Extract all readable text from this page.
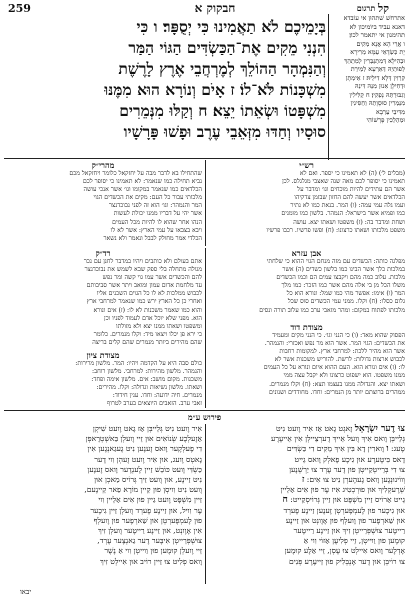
259	חבקוק א	קל
תרגום
בְּיָמֵיכֶם לֹא תַאֲמִינוּ כִּי יְסֻפָּר׃ ו כִּי
הִנְנִי מֵקִים אֶת־הַכַּשְׂדִּים הַגּוֹי הַמַּר
וְהַנִּמְהָר הַהוֹלֵךְ לְמֶרְחֲבֵי אֶרֶץ לָרֶשֶׁת
מִשְׁכָּנוֹת לֹּא־לוֹ׃ ז אָיֹם וְנוֹרָא הוּא מִמֶּנּוּ
מִשְׁפָּטוֹ וּשְׂאֵתוֹ יֵצֵא׃ ח וְקַלּוּ מִנְּמֵרִים
סוּסָיו וְחַדּוּ מִזְּאֵבֵי עֶרֶב וּפָשׁוּ פָּרָשָׁיו
אתרחשׁ שׁתהוּן אי עוֹבדא
דאנא עביד ביוֹמיכון לא
תהימנון אי יתאמר לכון׃
ו אֲרֵי הָא אֲנָא מְקִים
יָת כַּשְׂדָאֵי עַמָּא מְרִירָא
וּבְהִילָא דְּמִתְגַּבְּרִין לְמִתְהַךְ
לְפוּתְיֵהּ דְּאַרְעָא לְמֵירַת
קִרְוִין דְּלָא דִילֵיהּ׃ ז אֵימְתָן
וּדְחִילָן אִנוּן מִנֵּהּ דִּינֵהּ
וְגִבּוּרְתֵּהּ נָפְקִין׃ ח קַלִּילִין
מִנְּמְרִין סוּסָוָתֵהּ וְחַסִּינִין
מִדִּיבֵי עַרְבָא
וּמְהַלְכִין פָּרָשׁוֹהִי
רש״י
(מבלים ל׳) (ה) לא תאמינו כי יספר. ואם לא
תאמינו כי יסופר לכם מאה שנה שאצבי מגלגלס. לכן
אשר הם עתידים להיות מוכחים וגו׳ ומדבר על
הכלדאים אשר יעשה להם החזון שבזמן צדקיהו
ועמו גלה עמי עמה: (ו) המר. בנאת כמו לא נתיר
כמו ופמיא אשר בישראל: הנמהר. בלשון כמו מומנים
ושחת ומדבר בה: (ז) משפטו ושאתו יצא. עושה
משפט מלכותו ושאתו כרצונו: (ח) ופשו פרשיו. רכבו פרשיו
מהרי״ק
שהתחילו בא לדבר מבה על יחזקאל כלומר ויחזקאל מכם
נביא תחילה כמו שנאמר: לא תאמינו כי יסופר לכם
הכלדאים כמו שנאמר במקומו וגו׳ אשר אנכי עושה
מלכותי עבור כל העם: מקים את הכשדים הגוי
המר והנמהר: וגו׳ הוא זה לפני נבוכדנצר
אשר יהי על דבריו ממנו יכולת לעשות
הנהו אחר שהוא לו להיות מכל העמים
ויבא בצבאו על עמי הארץ: אשר לא לו
הכלדי אמר מחולק לבבל ונאמר ולא נשאר
אבן עזרא
מפלגה כותה: הכשדים עם מזה מנחם הגוי ההוא כי שלחתי
במלכות כלך אשר הבינו כמו בלשון כשדים (ה) אשר
מלכות. עלוב כמה מהם ויקבצו עמים הם וכמו הכשדים
משלו הכל מן בי אלה מהם אשר כמו הזכר: כמו מלך
המר (ו) אימו: אפשר מהי כמו שמל: ונורא הוא כל
גלום כסלו: (ח) וקלו. ממני עמי הכשדים סוס שכל
מלכותו לפתוח במקום: ומהר מזאבי ערב כמו עלוב תורה ונסים
רד״ק
אתם בעולם ולא כותבים ויהיו במדבר לחנן עם נכר
מגולה מתחלה בלי ספק שבא לשמש את נבוכדנצר
להם והכשדים אשר עמו גוי קשה ומר נפש
עד מלחמת אדום עמון ומואב ויתר אשר סביבותם
לכבוש ממלכות לא לו כל הגוים השכנים אליו
ואחרי כן כל הארץ ירש כמו שנאמר למרחבי ארץ
והוא כמו שאמר משכנות לא לו: (ז) אים ונורא
הוא. מפני שלא יוכל אדם לעמוד לפניו וכן
ומשפטו ושאתו ממנו יצא ולא מזולתו
כי ירא פן יכלו ויצאו מיד: וקלו מנמרים. כלומר
שהם מהירים ביותר מנמרים שהם קלים בריצה
מצודת דוד
הפסוק שהוא מאד: (ו) כי הנני וגו׳. כי הנני מקים ומעמיד
את הכשדים: הגוי המר. אשר הוא מר נפש ואכזרי: והנמהר.
אשר הוא מהיר ללכת: למרחבי ארץ. למקומות רחבות
לכבוש ארצות גדולות: לרשת. להוריש משכנות אשר לא
לו: (ז) אים ונורא הוא. העם ההוא איום ונורא על כל העמים
ממנו משפטו. הוא ישפוט כרצונו ולא יקבל עצה ממי
ושאתו יצא. והגדולה ממנו בעצמו תצא: (ח) וקלו מנמרים.
ממהרים ברוצתם יותר מן הנמרים: וחדו. מחודדים ושנונים
מצודת ציון
כולם סבה היא על הקדמה ויהיו: המר. מלשון מרירות:
והנמהר. מלשון מהירות: למרחבי. מלשון רוחב:
משכנות. מקום מושב: אים. מלשון אימה ופחד:
ושאתו. מלשון נשיאות וגדולה: וקלו. מהירים:
מנמרים. חיה ידועה: וחדו. ענין חידוד:
זאבי ערב. הזאבים היוצאים בערב לטרוף
פירוש ע״מ
צוּ דֶער יִשְׂרָאֵל זָאגְט גָאט אַז אִיר וֶועט נִיט
גְּלֵייבְּן וָואס אִיךְ וֶועל אֵייךְ דֶערְצֵיילְן אִין אֵייעֶרֶע
טֶעג: ו וָוארִין דָא בִּין אִיךְ מֵקִים דִי כַּשְׂדִּים
דָאס בִּיטֶערֶע אוּן גִיכֶע פָאלְק וָואס גֵייט
צוּ דִי בְּרֵייטְקַייטְן פוּן דֶער עֶרְד צוּ יַרְשְׁנֶען
וְווֹינוּנְגֶען וָואס גֶעהֶערְן נִיט צוּ אִים: ז
שְׁרֶעקְלִיךְ אוּן פוּרְכְטִיג אִיז עֶר פוּן אִים אַלֵיין
גֵייט אַרוֹיס זַיין מִשְׁפָּט אוּן זַיין גְּרוֹיסְקַייט: ח
אוּן גִיכֶער פוּן לֶעמְפֶּערְטְן זֶענֶען זַיינֶע פֶערְד
אוּן שַׁארְפֶער פוּן וָועלְף פוּן אָוֶונְט אוּן זַיינֶע
רַייטֶער צוּשְׁפְּרֵייטְן זִיךְ אוּן זַיינֶע רַייטֶער
קוּמֶען פוּן וַוייטְן, זֵיי פְלִיעֶן אַזוֹי וִוי אַ
אָדְלֶער וָואס אִיילְט צוּ עֶסְן, זֵיי אַלֶע קוּמֶען
צוּ רוֹיבְּן אוּן דֶער אָנְבְּלִיק פוּן זֵייעֶרֶע פְּנִים
אִיר וֶועט נִיט גְּלֵייבְּן אַז גָאט וֶועט שִׁיקְן
אַזֶעלְכֶע שְׂנוֹאִים אוּן זֵיי וֶועלְן בַּאשְׁטְרָאפְן
דִי פֶעלְקֶער וָואס זֶענֶען נִיט גֶעגַאנְגֶען אִין
גָאטְס וֶועג, אוּן אִיר וֶועט זֶעהְן וִוי דֶער
כַּשְׂדִּי וֶועט כּוֹבֵשׁ זַיין לֶענְדֶער וָואס זֶענֶען
נִיט זַיינֶע, אוּן וֶועט זַיך גְּרוֹיס מַאכְן אוּן
וֶועט נִיט וִויסְן פוּן קֵיין מוֹרָא פַאר קֵיינֶעם,
זַיין מִשְׁפָּט וֶועט גַיין פוּן אִים אַלֵיין וִוי
עֶר וִויל, אוּן זַיינֶע פֶערְד וֶועלְן זַיין גִיכֶער
פוּן לֶעמְפֶּערְטְן אוּן שַׁארְפֶער פוּן וֶועלְף
אִין אָוֶונְט, אוּן זַיינֶע רַייטֶער וֶועלְן זִיךְ
צוּשְׁפְּרֵייטְן אִיבֶּער דֶער גַאנְצֶער עֶרְד,
זֵיי וֶועלְן קוּמֶען פוּן וַוייטְן וִוי אַ נֶשֶׁר
וָואס פְלִיט צוּ זַיין רוֹיב אוּן אִיילְט זִיךְ
יבאו
